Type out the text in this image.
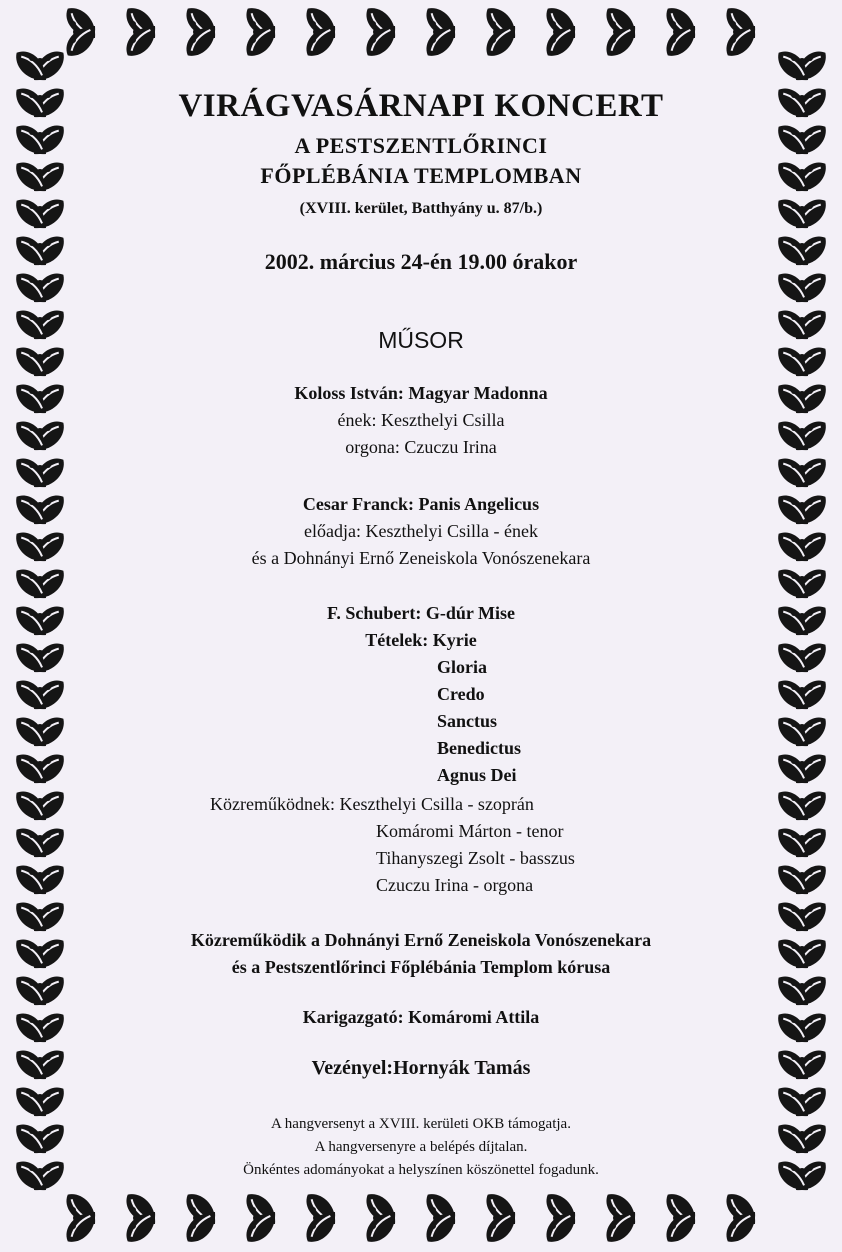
VIRÁGVASÁRNAPI KONCERT
A PESTSZENTLŐRINCI
FŐPLÉBÁNIA TEMPLOMBAN
(XVIII. kerület, Batthyány u. 87/b.)
2002. március 24-én 19.00 órakor
MŰSOR
Koloss István: Magyar Madonna
ének: Keszthelyi Csilla
orgona: Czuczu Irina
Cesar Franck: Panis Angelicus
előadja: Keszthelyi Csilla - ének
és a Dohnányi Ernő Zeneiskola Vonószenekara
F. Schubert: G-dúr Mise
Tételek: Kyrie
Gloria
Credo
Sanctus
Benedictus
Agnus Dei
Közreműködnek: Keszthelyi Csilla - szoprán
Komáromi Márton - tenor
Tihanyszegi Zsolt - basszus
Czuczu Irina - orgona
Közreműködik a Dohnányi Ernő Zeneiskola Vonószenekara
és a Pestszentlőrinci Főplébánia Templom kórusa
Karigazgató: Komáromi Attila
Vezényel:Hornyák Tamás
A hangversenyt a XVIII. kerületi OKB támogatja.
A hangversenyre a belépés díjtalan.
Önkéntes adományokat a helyszínen köszönettel fogadunk.
